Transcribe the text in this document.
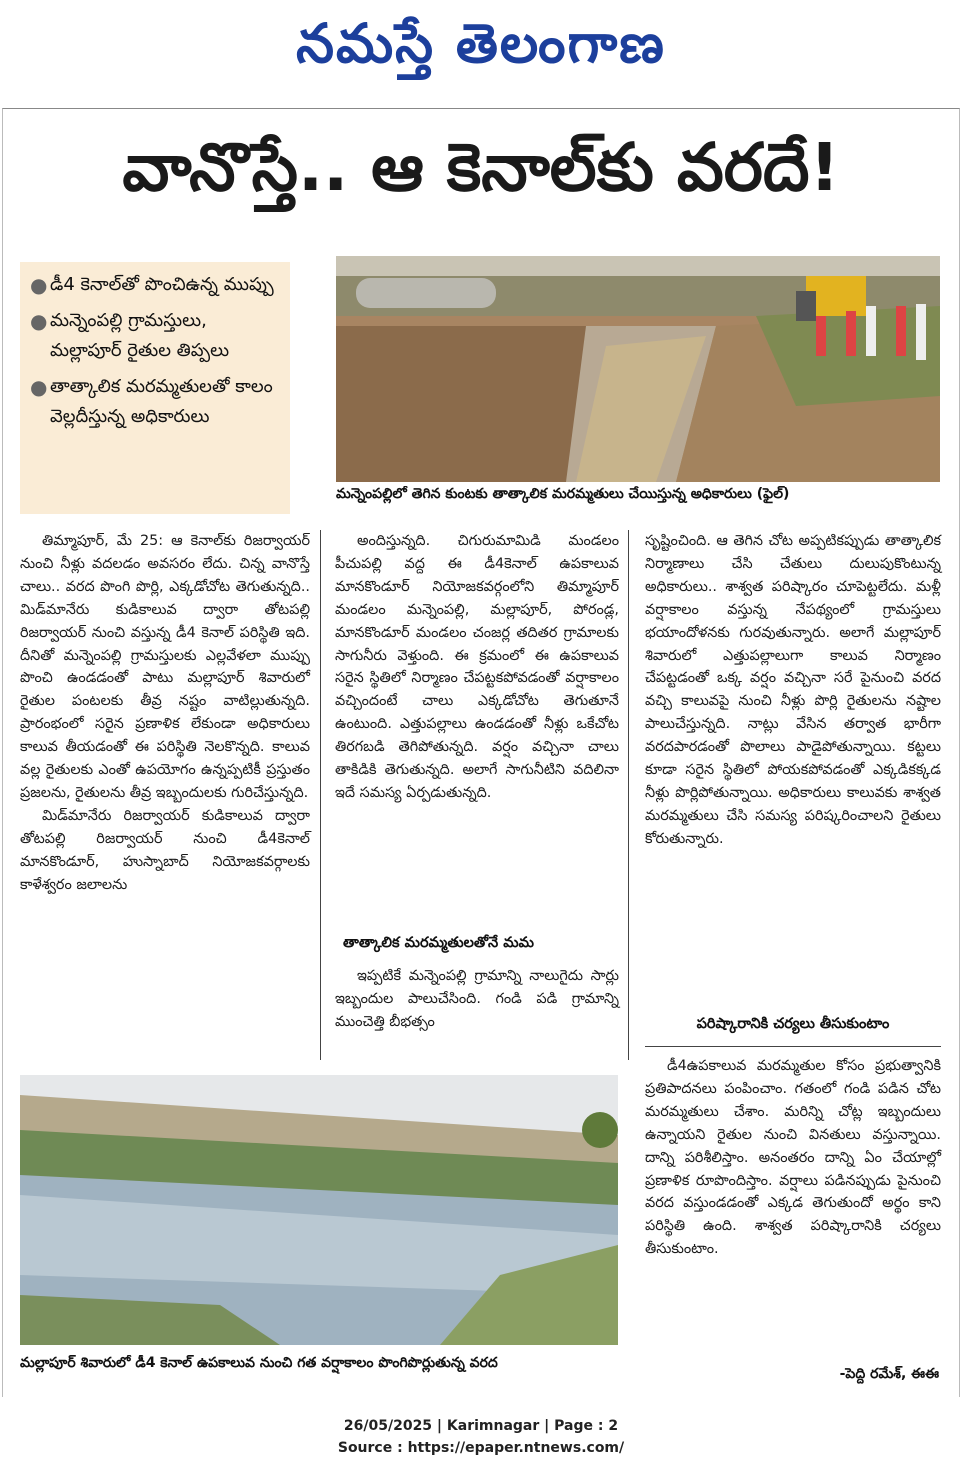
నమస్తే తెలంగాణ
వానొస్తే.. ఆ కెనాల్‌కు వరదే!
● డీ4 కెనాల్‌తో పొంచిఉన్న ముప్పు
● మన్నెంపల్లి గ్రామస్తులు, మల్లాపూర్ రైతుల తిప్పలు
● తాత్కాలిక మరమ్మతులతో కాలం వెల్లదీస్తున్న అధికారులు
మన్నెంపల్లిలో తెగిన కుంటకు తాత్కాలిక మరమ్మతులు చేయిస్తున్న అధికారులు (ఫైల్)

తిమ్మాపూర్, మే 25: ఆ కెనాల్‌కు రిజర్వాయర్ నుంచి నీళ్లు వదలడం అవసరం లేదు. చిన్న వానొస్తే చాలు.. వరద పొంగి పొర్లి, ఎక్కడోచోట తెగుతున్నది.. మిడ్‌మానేరు కుడికాలువ ద్వారా తోటపల్లి రిజర్వాయర్ నుంచి వస్తున్న డీ4 కెనాల్ పరిస్థితి ఇది. దీనితో మన్నెంపల్లి గ్రామస్తులకు ఎల్లవేళలా ముప్పు పొంచి ఉండడంతో పాటు మల్లాపూర్ శివారులో రైతుల పంటలకు తీవ్ర నష్టం వాటిల్లుతున్నది. ప్రారంభంలో సరైన ప్రణాళిక లేకుండా అధికారులు కాలువ తీయడంతో ఈ పరిస్థితి నెలకొన్నది. కాలువ వల్ల రైతులకు ఎంతో ఉపయోగం ఉన్నప్పటికీ ప్రస్తుతం ప్రజలను, రైతులను తీవ్ర ఇబ్బందులకు గురిచేస్తున్నది.

మిడ్‌మానేరు రిజర్వాయర్ కుడికాలువ ద్వారా తోటపల్లి రిజర్వాయర్ నుంచి డీ4కెనాల్ మానకొండూర్, హుస్నాబాద్ నియోజకవర్గాలకు కాళేశ్వరం జలాలను

అందిస్తున్నది. చిగురుమామిడి మండలం పీచుపల్లి వద్ద ఈ డీ4కెనాల్ ఉపకాలువ మానకొండూర్ నియోజకవర్గంలోని తిమ్మాపూర్ మండలం మన్నెంపల్లి, మల్లాపూర్, పోరండ్ల, మానకొండూర్ మండలం చంజర్ల తదితర గ్రామాలకు సాగునీరు వెళ్తుంది. ఈ క్రమంలో ఈ ఉపకాలువ సరైన స్థితిలో నిర్మాణం చేపట్టకపోవడంతో వర్షాకాలం వచ్చిందంటే చాలు ఎక్కడోచోట తెగుతూనే ఉంటుంది. ఎత్తుపల్లాలు ఉండడంతో నీళ్లు ఒకేచోట తిరగబడి తెగిపోతున్నది. వర్షం వచ్చినా చాలు తాకిడికి తెగుతున్నది. అలాగే సాగునీటిని వదిలినా ఇదే సమస్య ఏర్పడుతున్నది.

తాత్కాలిక మరమ్మతులతోనే మమ

ఇప్పటికే మన్నెంపల్లి గ్రామాన్ని నాలుగైదు సార్లు ఇబ్బందుల పాలుచేసింది. గండి పడి గ్రామాన్ని ముంచెత్తి బీభత్సం

సృష్టించింది. ఆ తెగిన చోట అప్పటికప్పుడు తాత్కాలిక నిర్మాణాలు చేసి చేతులు దులుపుకొంటున్న అధికారులు.. శాశ్వత పరిష్కారం చూపెట్టలేదు. మళ్లీ వర్షాకాలం వస్తున్న నేపథ్యంలో గ్రామస్తులు భయాందోళనకు గురవుతున్నారు. అలాగే మల్లాపూర్ శివారులో ఎత్తుపల్లాలుగా కాలువ నిర్మాణం చేపట్టడంతో ఒక్క వర్షం వచ్చినా సరే పైనుంచి వరద వచ్చి కాలువపై నుంచి నీళ్లు పొర్లి రైతులను నష్టాల పాలుచేస్తున్నది. నాట్లు వేసిన తర్వాత భారీగా వరదపారడంతో పొలాలు పాడైపోతున్నాయి. కట్టలు కూడా సరైన స్థితిలో పోయకపోవడంతో ఎక్కడికక్కడ నీళ్లు పొర్లిపోతున్నాయి. అధికారులు కాలువకు శాశ్వత మరమ్మతులు చేసి సమస్య పరిష్కరించాలని రైతులు కోరుతున్నారు.

పరిష్కారానికి చర్యలు తీసుకుంటాం

డీ4ఉపకాలువ మరమ్మతుల కోసం ప్రభుత్వానికి ప్రతిపాదనలు పంపించాం. గతంలో గండి పడిన చోట మరమ్మతులు చేశాం. మరిన్ని చోట్ల ఇబ్బందులు ఉన్నాయని రైతుల నుంచి వినతులు వస్తున్నాయి. దాన్ని పరిశీలిస్తాం. అనంతరం దాన్ని ఏం చేయాల్లో ప్రణాళిక రూపొందిస్తాం. వర్షాలు పడినప్పుడు పైనుంచి వరద వస్తుండడంతో ఎక్కడ తెగుతుందో అర్థం కాని పరిస్థితి ఉంది. శాశ్వత పరిష్కారానికి చర్యలు తీసుకుంటాం.

-పెద్ది రమేశ్, ఈఈ
మల్లాపూర్ శివారులో డీ4 కెనాల్ ఉపకాలువ నుంచి గత వర్షాకాలం పొంగిపొర్లుతున్న వరద
26/05/2025 | Karimnagar | Page : 2
Source : https://epaper.ntnews.com/
